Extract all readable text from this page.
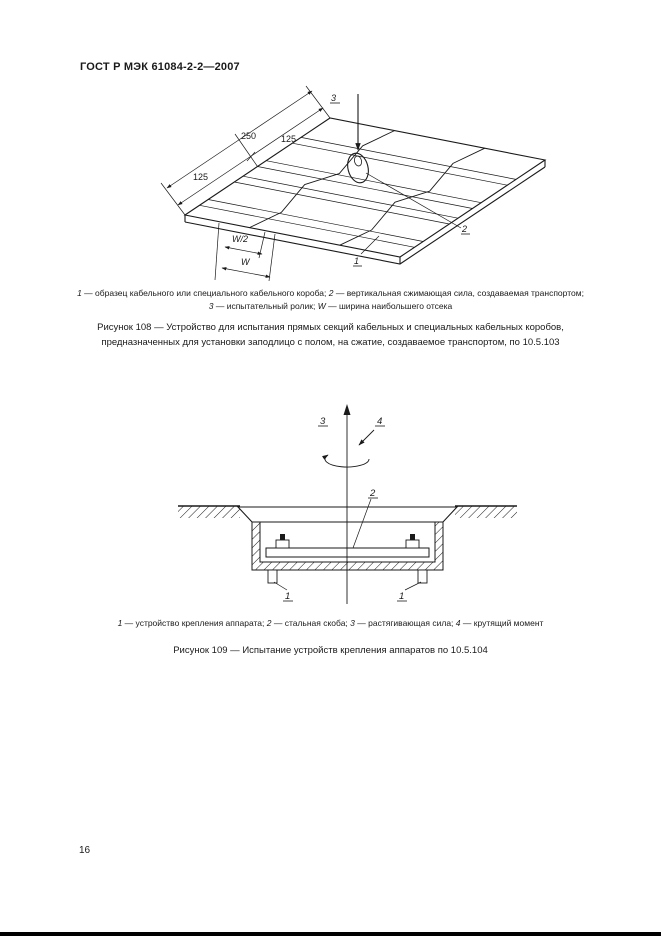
ГОСТ Р МЭК 61084-2-2—2007
250	125
125
W/2
W
3
2
1
1 — образец кабельного или специального кабельного короба; 2 — вертикальная сжимающая сила, создаваемая транспортом;
3 — испытательный ролик; W — ширина наибольшего отсека
Рисунок 108 — Устройство для испытания прямых секций кабельных и специальных кабельных коробов,
предназначенных для установки заподлицо с полом, на сжатие, создаваемое транспортом, по 10.5.103
3	4
2
1	1
1 — устройство крепления аппарата; 2 — стальная скоба; 3 — растягивающая сила; 4 — крутящий момент
Рисунок 109 — Испытание устройств крепления аппаратов по 10.5.104
16
